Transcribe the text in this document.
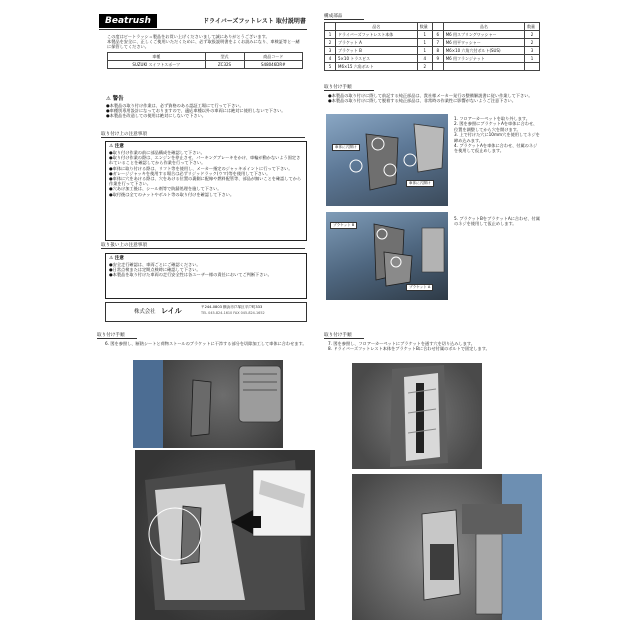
Beatrush	ドライバーズフットレスト 取付説明書
この度はビートラッシュ製品をお買い上げくださいまして誠にありがとうございます。
本製品を安全に、正しくご使用いただくために、必ず取扱説明書をよくお読みになり、車検証等と一緒に保管してください。
車種	型式	商品コード
SUZUKI スイフトスポーツ	ZC32S	S48046DR#
⚠ 警告
●本製品の取り付け作業は、必ず資格のある認証工場にて行って下さい。
●車種別専用設計になっておりますので、適応車種以外の車両には絶対に使用しないで下さい。
●本製品を改造しての使用は絶対にしないで下さい。
取り付け上の注意事項
⚠ 注意
●取り付け作業の前に部品構成を確認して下さい。
●取り付け作業の際は、エンジンを停止させ、パーキングブレーキをかけ、車輪が動かないよう固定されていることを確認してから作業を行って下さい。
●車体に取り付ける際は、リフト等を使用し、メーカー指定のジャッキポイントに行って下さい。
●ガレージジャッキを使用する場合は必ずリジッドラック(ウマ)等を使用して下さい。
●車体に穴をあける際は、穴をあける位置の裏側に配線や燃料配管等、部品が無いことを確認してから作業を行って下さい。
●穴あけ加工後は、シール剤等で防錆処理を施して下さい。
●取付後は全てのナットやボルト等の取り付けを確認して下さい。
取り扱い上の注意事項
⚠ 注意
●安全走行確認は、車両ごとにご確認ください。
●日常点検または定期点検時に確認して下さい。
●本製品を取り付けた車両の走行安全性は各ユーザー様の責任においてご判断下さい。
株式会社 レイル	〒244-0803 横浜市戸塚区平戸町333
TEL 045-824-1610 FAX 045-824-1652
構成部品
	品名	数量		品名	数量
1	ドライバーズフットレスト本体	1	6	M6 用スプリングワッシャー	2
2	ブラケット A	1	7	M6 用平ワッシャー	2
3	ブラケット B	1	8	M6×10 六角穴付ボルト(SUS)	3
4	5×10 トラスビス	4	9	M6 用フランジナット	1
5	M6×15 六角ボルト	2			
取り付け手順
●本製品の取り付けに際して前記する純正部品は、貴社様メーカー発行の整備解説書に従い作業して下さい。
●本製品の取り付けに際して脱着する純正部品は、非常時の作業性に影響がないようご注意下さい。
車体に穴開け
車体に穴開け
1. フロアーカーペットを取り外します。
2. 図を参照にブラケットAを車体に合わせ、位置を調整してから穴を開けます。
3. 上で付けた穴に10mm穴を使用してネジを締め込みます。
4. ブラケットAを車体に合わせ、付属のネジを使用して仮止めします。
ブラケット B
ブラケット A
5. ブラケットBをブラケットAに合わせ、付属のネジを使用して仮止めします。
取り付け手順
6. 図を参照し、断熱シートと荷物ストールのブラケットに干渉する部分を切除加工して車体に合わせます。
取り付け手順
7. 図を参照し、フロアーカーペットにブラケットを通す穴を切り込みします。
8. ドライバーズフットレスト本体をブラケットBに合わせ付属のボルトで固定します。
